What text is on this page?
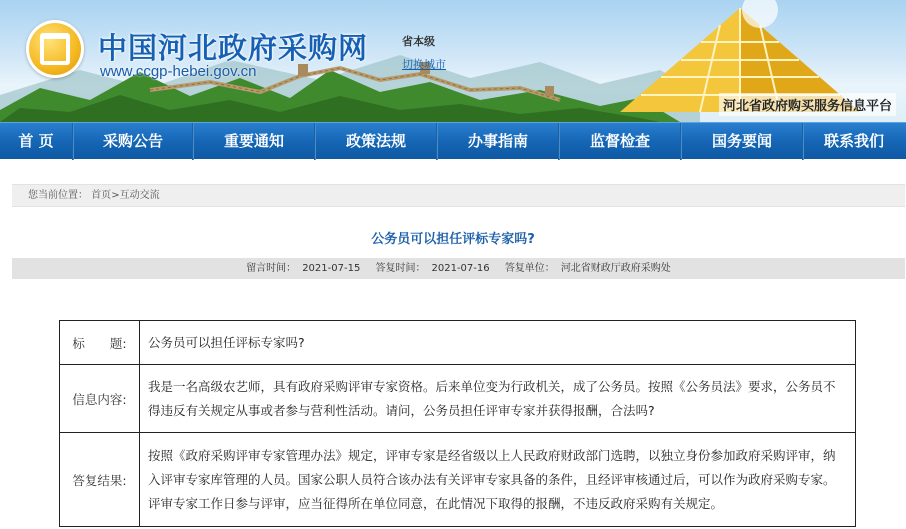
中国河北政府采购网
www.ccgp-hebei.gov.cn
省本级
切换城市
河北省政府购买服务信息平台
首 页	采购公告	重要通知	政策法规	办事指南	监督检查	国务要闻	联系我们
您当前位置： 首页>互动交流
公务员可以担任评标专家吗?
留言时间： 2021-07-15 答复时间： 2021-07-16 答复单位： 河北省财政厅政府采购处
标　　题:	公务员可以担任评标专家吗?
信息内容:	我是一名高级农艺师，具有政府采购评审专家资格。后来单位变为行政机关，成了公务员。按照《公务员法》要求，公务员不得违反有关规定从事或者参与营利性活动。请问，公务员担任评审专家并获得报酬，合法吗?
答复结果:	按照《政府采购评审专家管理办法》规定，评审专家是经省级以上人民政府财政部门选聘，以独立身份参加政府采购评审，纳入评审专家库管理的人员。国家公职人员符合该办法有关评审专家具备的条件，且经评审核通过后，可以作为政府采购专家。评审专家工作日参与评审，应当征得所在单位同意，在此情况下取得的报酬，不违反政府采购有关规定。
